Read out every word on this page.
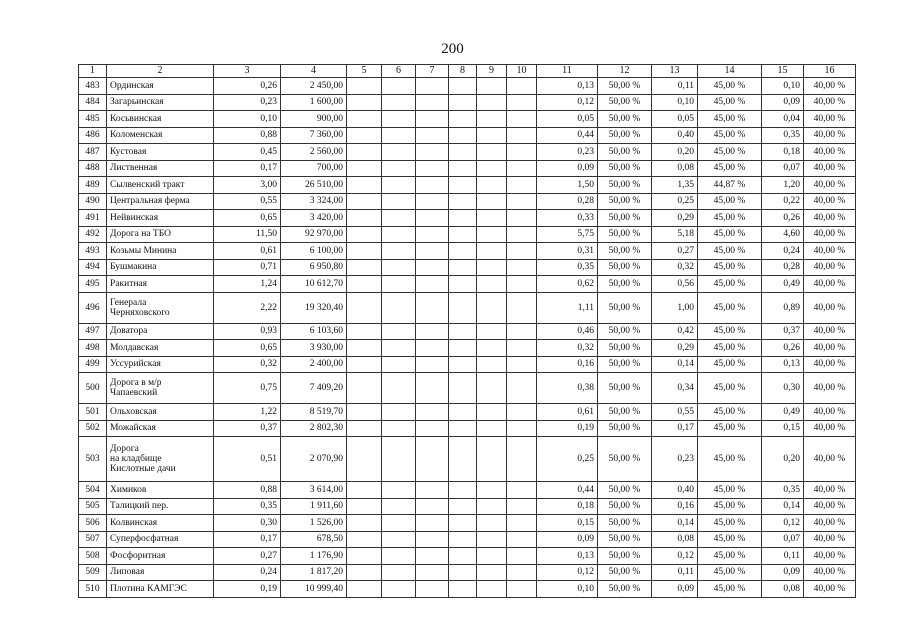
200
1	2	3	4	5	6	7	8	9	10	11	12	13	14	15	16
483	Ординская	0,26	2 450,00							0,13	50,00 %	0,11	45,00 %	0,10	40,00 %
484	Загарьинская	0,23	1 600,00							0,12	50,00 %	0,10	45,00 %	0,09	40,00 %
485	Косьвинская	0,10	900,00							0,05	50,00 %	0,05	45,00 %	0,04	40,00 %
486	Коломенская	0,88	7 360,00							0,44	50,00 %	0,40	45,00 %	0,35	40,00 %
487	Кустовая	0,45	2 560,00							0,23	50,00 %	0,20	45,00 %	0,18	40,00 %
488	Лиственная	0,17	700,00							0,09	50,00 %	0,08	45,00 %	0,07	40,00 %
489	Сылвенский тракт	3,00	26 510,00							1,50	50,00 %	1,35	44,87 %	1,20	40,00 %
490	Центральная ферма	0,55	3 324,00							0,28	50,00 %	0,25	45,00 %	0,22	40,00 %
491	Нейвинская	0,65	3 420,00							0,33	50,00 %	0,29	45,00 %	0,26	40,00 %
492	Дорога на ТБО	11,50	92 970,00							5,75	50,00 %	5,18	45,00 %	4,60	40,00 %
493	Козьмы Минина	0,61	6 100,00							0,31	50,00 %	0,27	45,00 %	0,24	40,00 %
494	Бушмакина	0,71	6 950,80							0,35	50,00 %	0,32	45,00 %	0,28	40,00 %
495	Ракитная	1,24	10 612,70							0,62	50,00 %	0,56	45,00 %	0,49	40,00 %
496	Генерала
Черняховского	2,22	19 320,40							1,11	50,00 %	1,00	45,00 %	0,89	40,00 %
497	Доватора	0,93	6 103,60							0,46	50,00 %	0,42	45,00 %	0,37	40,00 %
498	Молдавская	0,65	3 930,00							0,32	50,00 %	0,29	45,00 %	0,26	40,00 %
499	Уссурийская	0,32	2 400,00							0,16	50,00 %	0,14	45,00 %	0,13	40,00 %
500	Дорога в м/р
Чапаевский	0,75	7 409,20							0,38	50,00 %	0,34	45,00 %	0,30	40,00 %
501	Ольховская	1,22	8 519,70							0,61	50,00 %	0,55	45,00 %	0,49	40,00 %
502	Можайская	0,37	2 802,30							0,19	50,00 %	0,17	45,00 %	0,15	40,00 %
503	Дорога
на кладбище
Кислотные дачи	0,51	2 070,90							0,25	50,00 %	0,23	45,00 %	0,20	40,00 %
504	Химиков	0,88	3 614,00							0,44	50,00 %	0,40	45,00 %	0,35	40,00 %
505	Талицкий пер.	0,35	1 911,60							0,18	50,00 %	0,16	45,00 %	0,14	40,00 %
506	Колвинская	0,30	1 526,00							0,15	50,00 %	0,14	45,00 %	0,12	40,00 %
507	Суперфосфатная	0,17	678,50							0,09	50,00 %	0,08	45,00 %	0,07	40,00 %
508	Фосфоритная	0,27	1 176,90							0,13	50,00 %	0,12	45,00 %	0,11	40,00 %
509	Липовая	0,24	1 817,20							0,12	50,00 %	0,11	45,00 %	0,09	40,00 %
510	Плотина КАМГЭС	0,19	10 999,40							0,10	50,00 %	0,09	45,00 %	0,08	40,00 %
